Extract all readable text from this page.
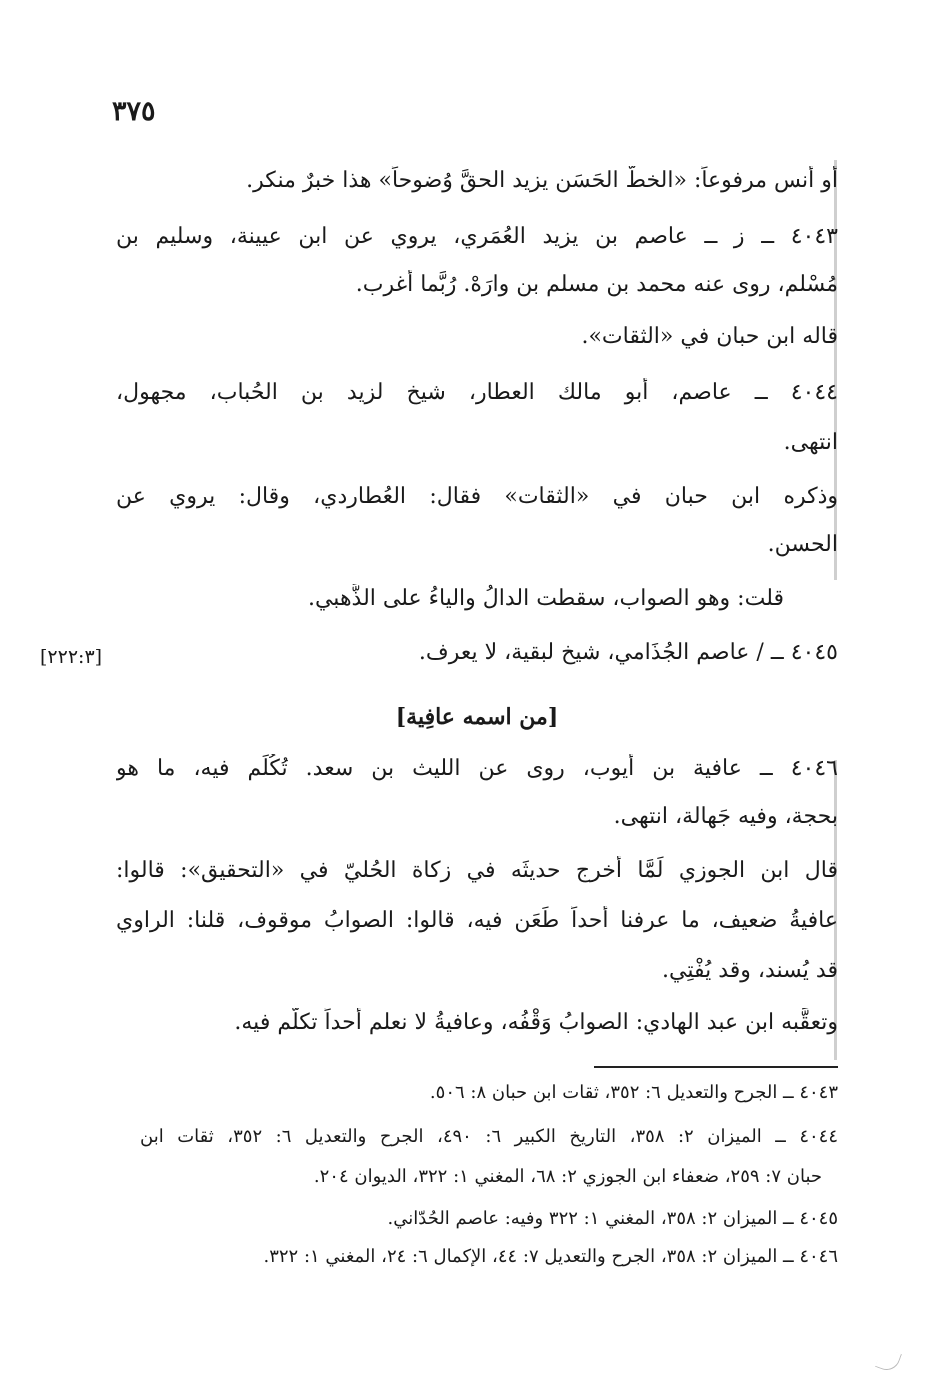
٣٧٥
[٢٢٢:٣]
أو أنس مرفوعاً: «الخطُّ الحَسَن يزيد الحقَّ وُضوحاً» هذا خبرٌ منكر.
٤٠٤٣ ــ ز ــ عاصم بن يزيد العُمَري، يروي عن ابن عيينة، وسليم بن
مُسْلم، روى عنه محمد بن مسلم بن وارَهْ. رُبَّما أغرب.
قاله ابن حبان في «الثقات».
٤٠٤٤ ــ عاصم، أبو مالك العطار، شيخ لزيد بن الحُباب، مجهول،
انتهى.
وذكره ابن حبان في «الثقات» فقال: العُطاردي، وقال: يروي عن
الحسن.
قلت: وهو الصواب، سقطت الدالُ والياءُ على الذَّهبي.
٤٠٤٥ ــ / عاصم الجُذَامي، شيخ لبقية، لا يعرف.
[من اسمه عافِية]
٤٠٤٦ ــ عافية بن أيوب، روى عن الليث بن سعد. تُكُلِّم فيه، ما هو
بحجة، وفيه جَهالة، انتهى.
قال ابن الجوزي لَمَّا أخرج حديثَه في زكاة الحُليّ في «التحقيق»: قالوا:
عافيةُ ضعيف، ما عرفنا أحداً طَعَن فيه، قالوا: الصوابُ موقوف، قلنا: الراوي
قد يُسند، وقد يُفْتِي.
وتعقَّبه ابن عبد الهادي: الصوابُ وَقْفُه، وعافيةُ لا نعلم أحداً تكلَّم فيه.
٤٠٤٣ ــ الجرح والتعديل ٦: ٣٥٢، ثقات ابن حبان ٨: ٥٠٦.
٤٠٤٤ ــ الميزان ٢: ٣٥٨، التاريخ الكبير ٦: ٤٩٠، الجرح والتعديل ٦: ٣٥٢، ثقات ابن
حبان ٧: ٢٥٩، ضعفاء ابن الجوزي ٢: ٦٨، المغني ١: ٣٢٢، الديوان ٢٠٤.
٤٠٤٥ ــ الميزان ٢: ٣٥٨، المغني ١: ٣٢٢ وفيه: عاصم الحُدّاني.
٤٠٤٦ ــ الميزان ٢: ٣٥٨، الجرح والتعديل ٧: ٤٤، الإكمال ٦: ٢٤، المغني ١: ٣٢٢.
